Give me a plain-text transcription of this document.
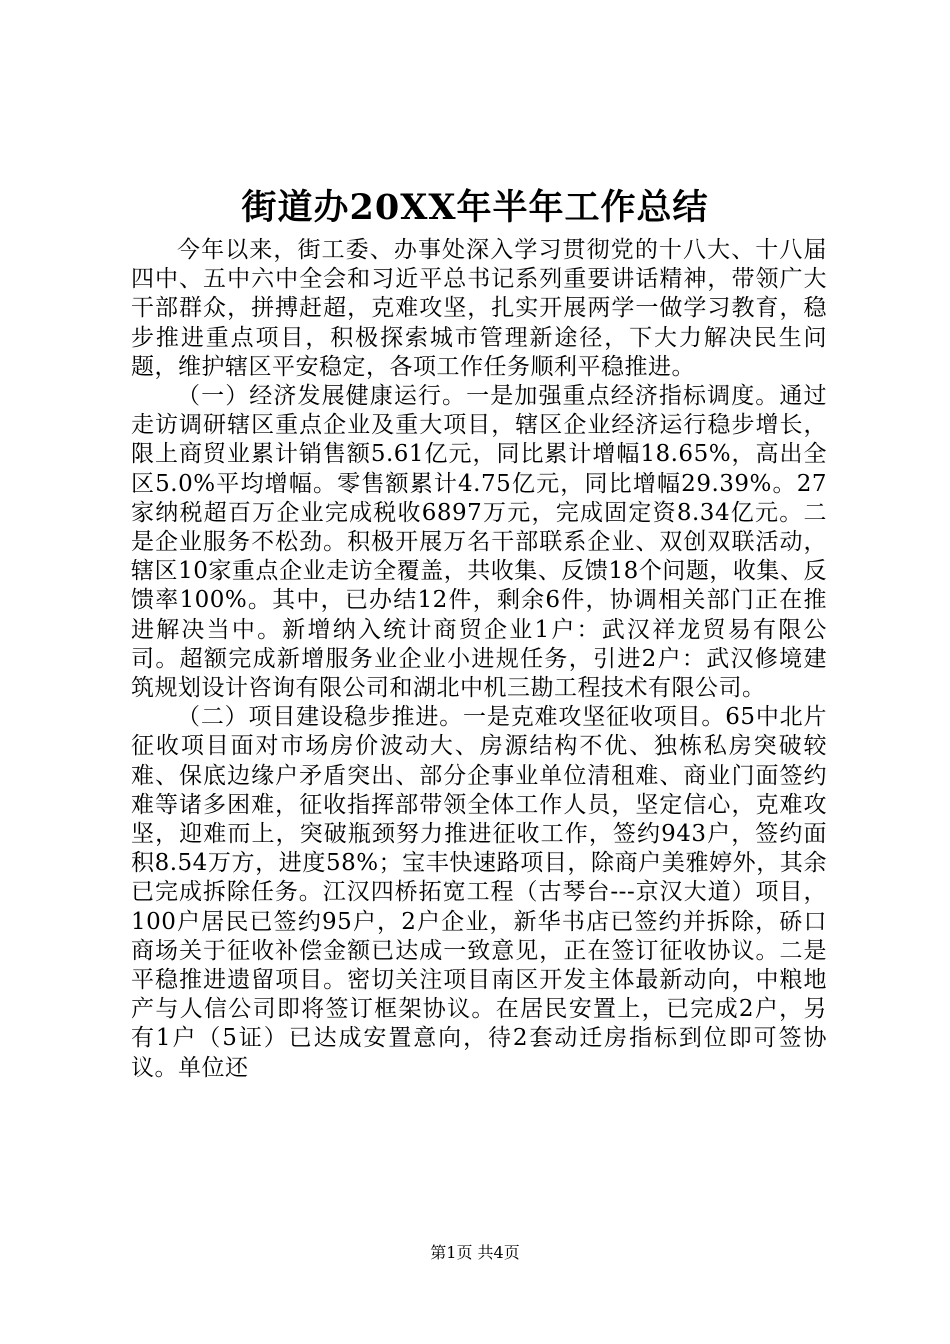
街道办20XX年半年工作总结

今年以来，街工委、办事处深入学习贯彻党的十八大、十八届四中、五中六中全会和习近平总书记系列重要讲话精神，带领广大干部群众，拼搏赶超，克难攻坚，扎实开展两学一做学习教育，稳步推进重点项目，积极探索城市管理新途径，下大力解决民生问题，维护辖区平安稳定，各项工作任务顺利平稳推进。

（一）经济发展健康运行。一是加强重点经济指标调度。通过走访调研辖区重点企业及重大项目，辖区企业经济运行稳步增长，限上商贸业累计销售额5.61亿元，同比累计增幅18.65%，高出全区5.0%平均增幅。零售额累计4.75亿元，同比增幅29.39%。27家纳税超百万企业完成税收6897万元，完成固定资8.34亿元。二是企业服务不松劲。积极开展万名干部联系企业、双创双联活动，辖区10家重点企业走访全覆盖，共收集、反馈18个问题，收集、反馈率100%。其中，已办结12件，剩余6件，协调相关部门正在推进解决当中。新增纳入统计商贸企业1户：武汉祥龙贸易有限公司。超额完成新增服务业企业小进规任务，引进2户：武汉修境建筑规划设计咨询有限公司和湖北中机三勘工程技术有限公司。

（二）项目建设稳步推进。一是克难攻坚征收项目。65中北片征收项目面对市场房价波动大、房源结构不优、独栋私房突破较难、保底边缘户矛盾突出、部分企事业单位清租难、商业门面签约难等诸多困难，征收指挥部带领全体工作人员，坚定信心，克难攻坚，迎难而上，突破瓶颈努力推进征收工作，签约943户，签约面积8.54万方，进度58%；宝丰快速路项目，除商户美雅婷外，其余已完成拆除任务。江汉四桥拓宽工程（古琴台---京汉大道）项目，100户居民已签约95户，2户企业，新华书店已签约并拆除，硚口商场关于征收补偿金额已达成一致意见，正在签订征收协议。二是平稳推进遗留项目。密切关注项目南区开发主体最新动向，中粮地产与人信公司即将签订框架协议。在居民安置上，已完成2户，另有1户（5证）已达成安置意向，待2套动迁房指标到位即可签协议。单位还

第1页 共4页
